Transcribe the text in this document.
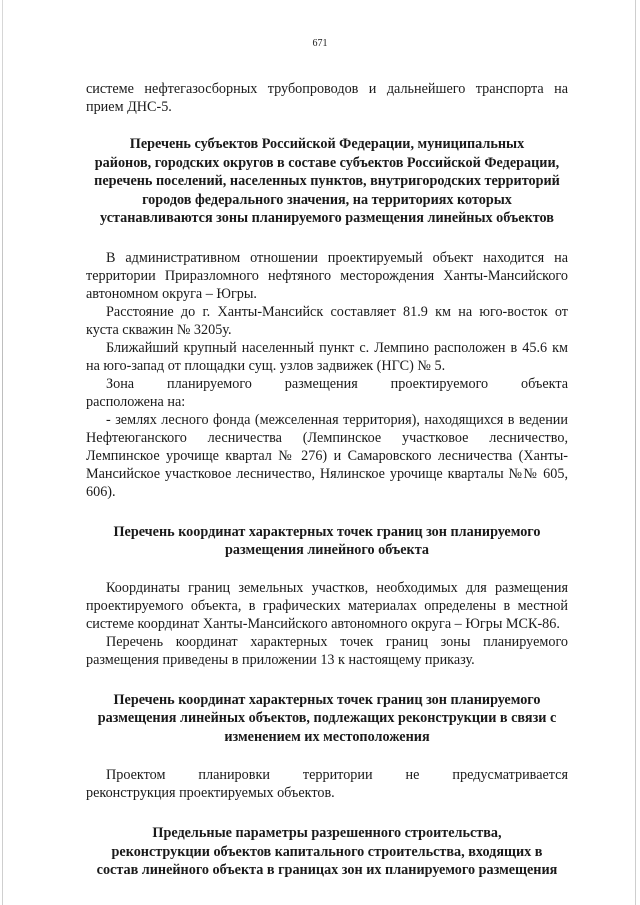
671

системе нефтегазосборных трубопроводов и дальнейшего транспорта на

прием ДНС-5.

Перечень субъектов Российской Федерации, муниципальных
районов, городских округов в составе субъектов Российской Федерации,
перечень поселений, населенных пунктов, внутригородских территорий
городов федерального значения, на территориях которых
устанавливаются зоны планируемого размещения линейных объектов

В административном отношении проектируемый объект находится на территории Приразломного нефтяного месторождения Ханты-Мансийского автономном округа – Югры.

Расстояние до г. Ханты-Мансийск составляет 81.9 км на юго-восток от куста скважин № 3205у.

Ближайший крупный населенный пункт с. Лемпино расположен в 45.6 км на юго-запад от площадки сущ. узлов задвижек (НГС) № 5.

Зона планируемого размещения проектируемого объекта

расположена на:

- землях лесного фонда (межселенная территория), находящихся в ведении Нефтеюганского лесничества (Лемпинское участковое лесничество, Лемпинское урочище квартал № 276) и Самаровского лесничества (Ханты-Мансийское участковое лесничество, Нялинское урочище кварталы №№ 605, 606).

Перечень координат характерных точек границ зон планируемого
размещения линейного объекта

Координаты границ земельных участков, необходимых для размещения проектируемого объекта, в графических материалах определены в местной системе координат Ханты-Мансийского автономного округа – Югры МСК-86.

Перечень координат характерных точек границ зоны планируемого размещения приведены в приложении 13 к настоящему приказу.

Перечень координат характерных точек границ зон планируемого
размещения линейных объектов, подлежащих реконструкции в связи с
изменением их местоположения

Проектом планировки территории не предусматривается

реконструкция проектируемых объектов.

Предельные параметры разрешенного строительства,
реконструкции объектов капитального строительства, входящих в
состав линейного объекта в границах зон их планируемого размещения
